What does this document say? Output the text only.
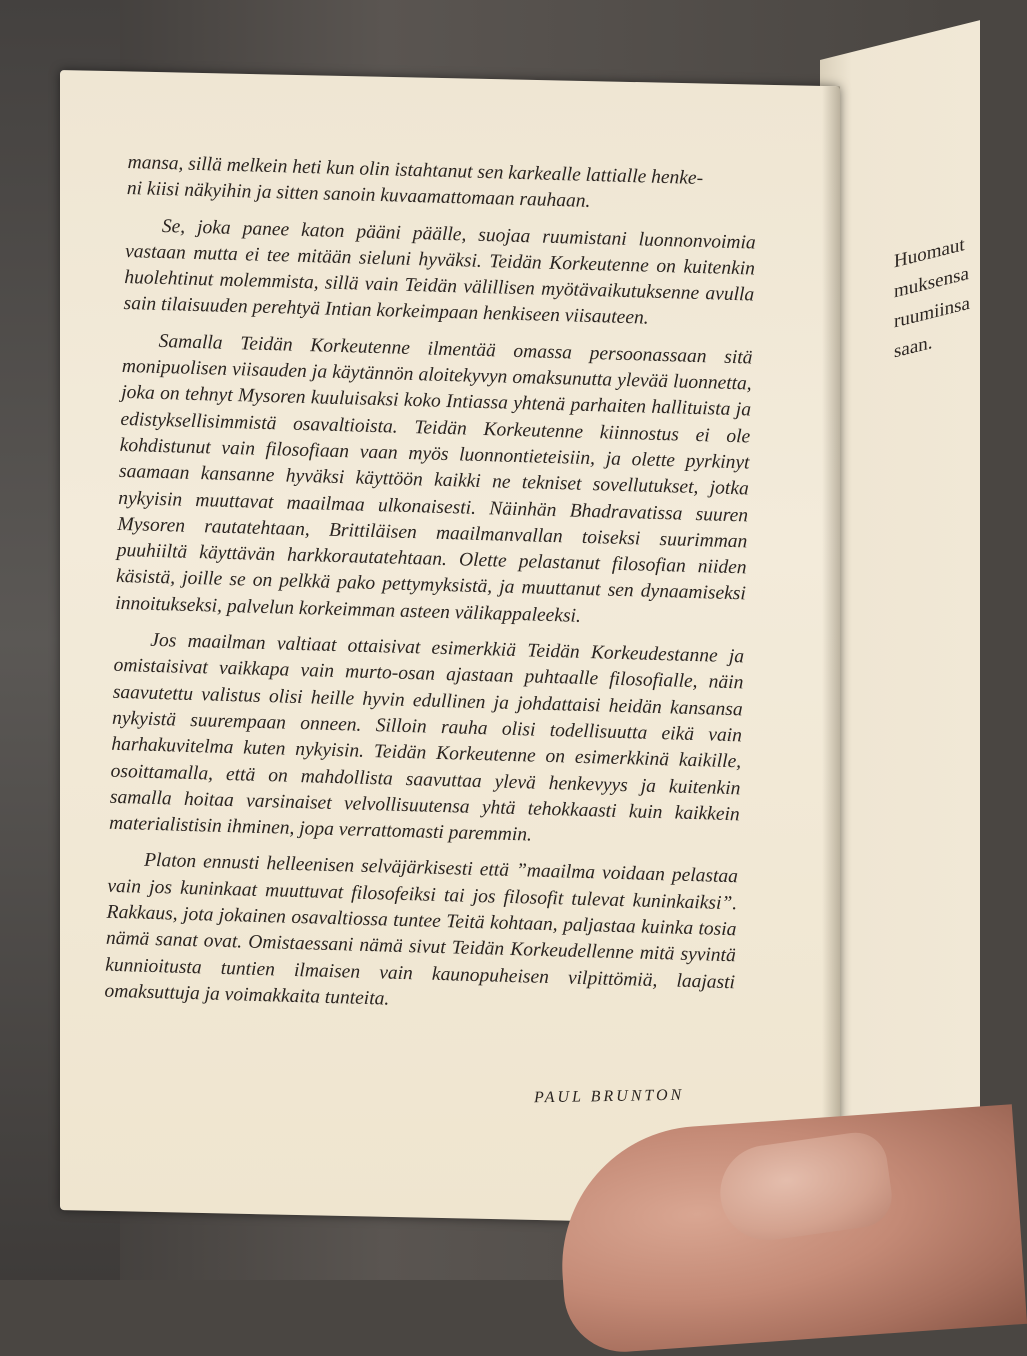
Huomaut
muksensa
ruumiinsa
saan.

mansa, sillä melkein heti kun olin istahtanut sen karkealle lattialle henke-
ni kiisi näkyihin ja sitten sanoin kuvaamattomaan rauhaan.

Se, joka panee katon pääni päälle, suojaa ruumistani luonnonvoimia vastaan mutta ei tee mitään sieluni hyväksi. Teidän Korkeutenne on kuitenkin huolehtinut molemmista, sillä vain Teidän välillisen myötävaikutuksenne avulla sain tilaisuuden perehtyä Intian korkeimpaan henkiseen viisauteen.

Samalla Teidän Korkeutenne ilmentää omassa persoonassaan sitä monipuolisen viisauden ja käytännön aloitekyvyn omaksunutta ylevää luonnetta, joka on tehnyt Mysoren kuuluisaksi koko Intiassa yhtenä parhaiten hallituista ja edistyksellisimmistä osavaltioista. Teidän Korkeutenne kiinnostus ei ole kohdistunut vain filosofiaan vaan myös luonnontieteisiin, ja olette pyrkinyt saamaan kansanne hyväksi käyttöön kaikki ne tekniset sovellutukset, jotka nykyisin muuttavat maailmaa ulkonaisesti. Näinhän Bhadravatissa suuren Mysoren rautatehtaan, Brittiläisen maailmanvallan toiseksi suurimman puuhiiltä käyttävän harkkorautatehtaan. Olette pelastanut filosofian niiden käsistä, joille se on pelkkä pako pettymyksistä, ja muuttanut sen dynaamiseksi innoitukseksi, palvelun korkeimman asteen välikappaleeksi.

Jos maailman valtiaat ottaisivat esimerkkiä Teidän Korkeudestanne ja omistaisivat vaikkapa vain murto-osan ajastaan puhtaalle filosofialle, näin saavutettu valistus olisi heille hyvin edullinen ja johdattaisi heidän kansansa nykyistä suurempaan onneen. Silloin rauha olisi todellisuutta eikä vain harhakuvitelma kuten nykyisin. Teidän Korkeutenne on esimerkkinä kaikille, osoittamalla, että on mahdollista saavuttaa ylevä henkevyys ja kuitenkin samalla hoitaa varsinaiset velvollisuutensa yhtä tehokkaasti kuin kaikkein materialistisin ihminen, jopa verrattomasti paremmin.

Platon ennusti helleenisen selväjärkisesti että ”maailma voidaan pelastaa vain jos kuninkaat muuttuvat filosofeiksi tai jos filosofit tulevat kuninkaiksi”. Rakkaus, jota jokainen osavaltiossa tuntee Teitä kohtaan, paljastaa kuinka tosia nämä sanat ovat. Omistaessani nämä sivut Teidän Korkeudellenne mitä syvintä kunnioitusta tuntien ilmaisen vain kaunopuheisen vilpittömiä, laajasti omaksuttuja ja voimakkaita tunteita.

PAUL BRUNTON
